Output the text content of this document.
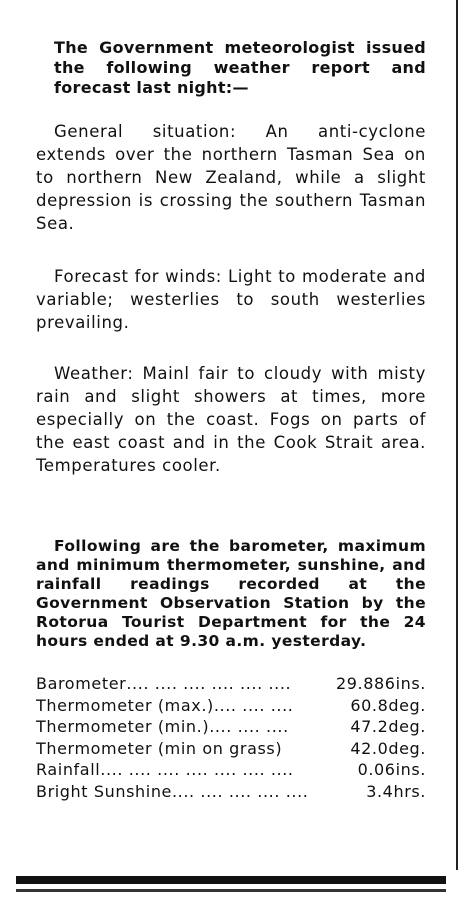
The Government meteorologist issued the following weather report and forecast last night:—

General situation: An anti-cyclone extends over the northern Tasman Sea on to northern New Zealand, while a slight depression is crossing the southern Tasman Sea.

Forecast for winds: Light to moderate and variable; westerlies to south westerlies prevailing.

Weather: Mainl fair to cloudy with misty rain and slight showers at times, more especially on the coast. Fogs on parts of the east coast and in the Cook Strait area. Temperatures cooler.

Following are the barometer, maximum and minimum thermometer, sunshine, and rainfall readings recorded at the Government Observation Station by the Rotorua Tourist Department for the 24 hours ended at 9.30 a.m. yesterday.

Barometer .... .... .... .... .... ....	29.886ins.
Thermometer (max.) .... .... ....	60.8deg.
Thermometer (min.) .... .... ....	47.2deg.
Thermometer (min on grass)	42.0deg.
Rainfall .... .... .... .... .... .... ....	0.06ins.
Bright Sunshine .... .... .... .... ....	3.4hrs.
